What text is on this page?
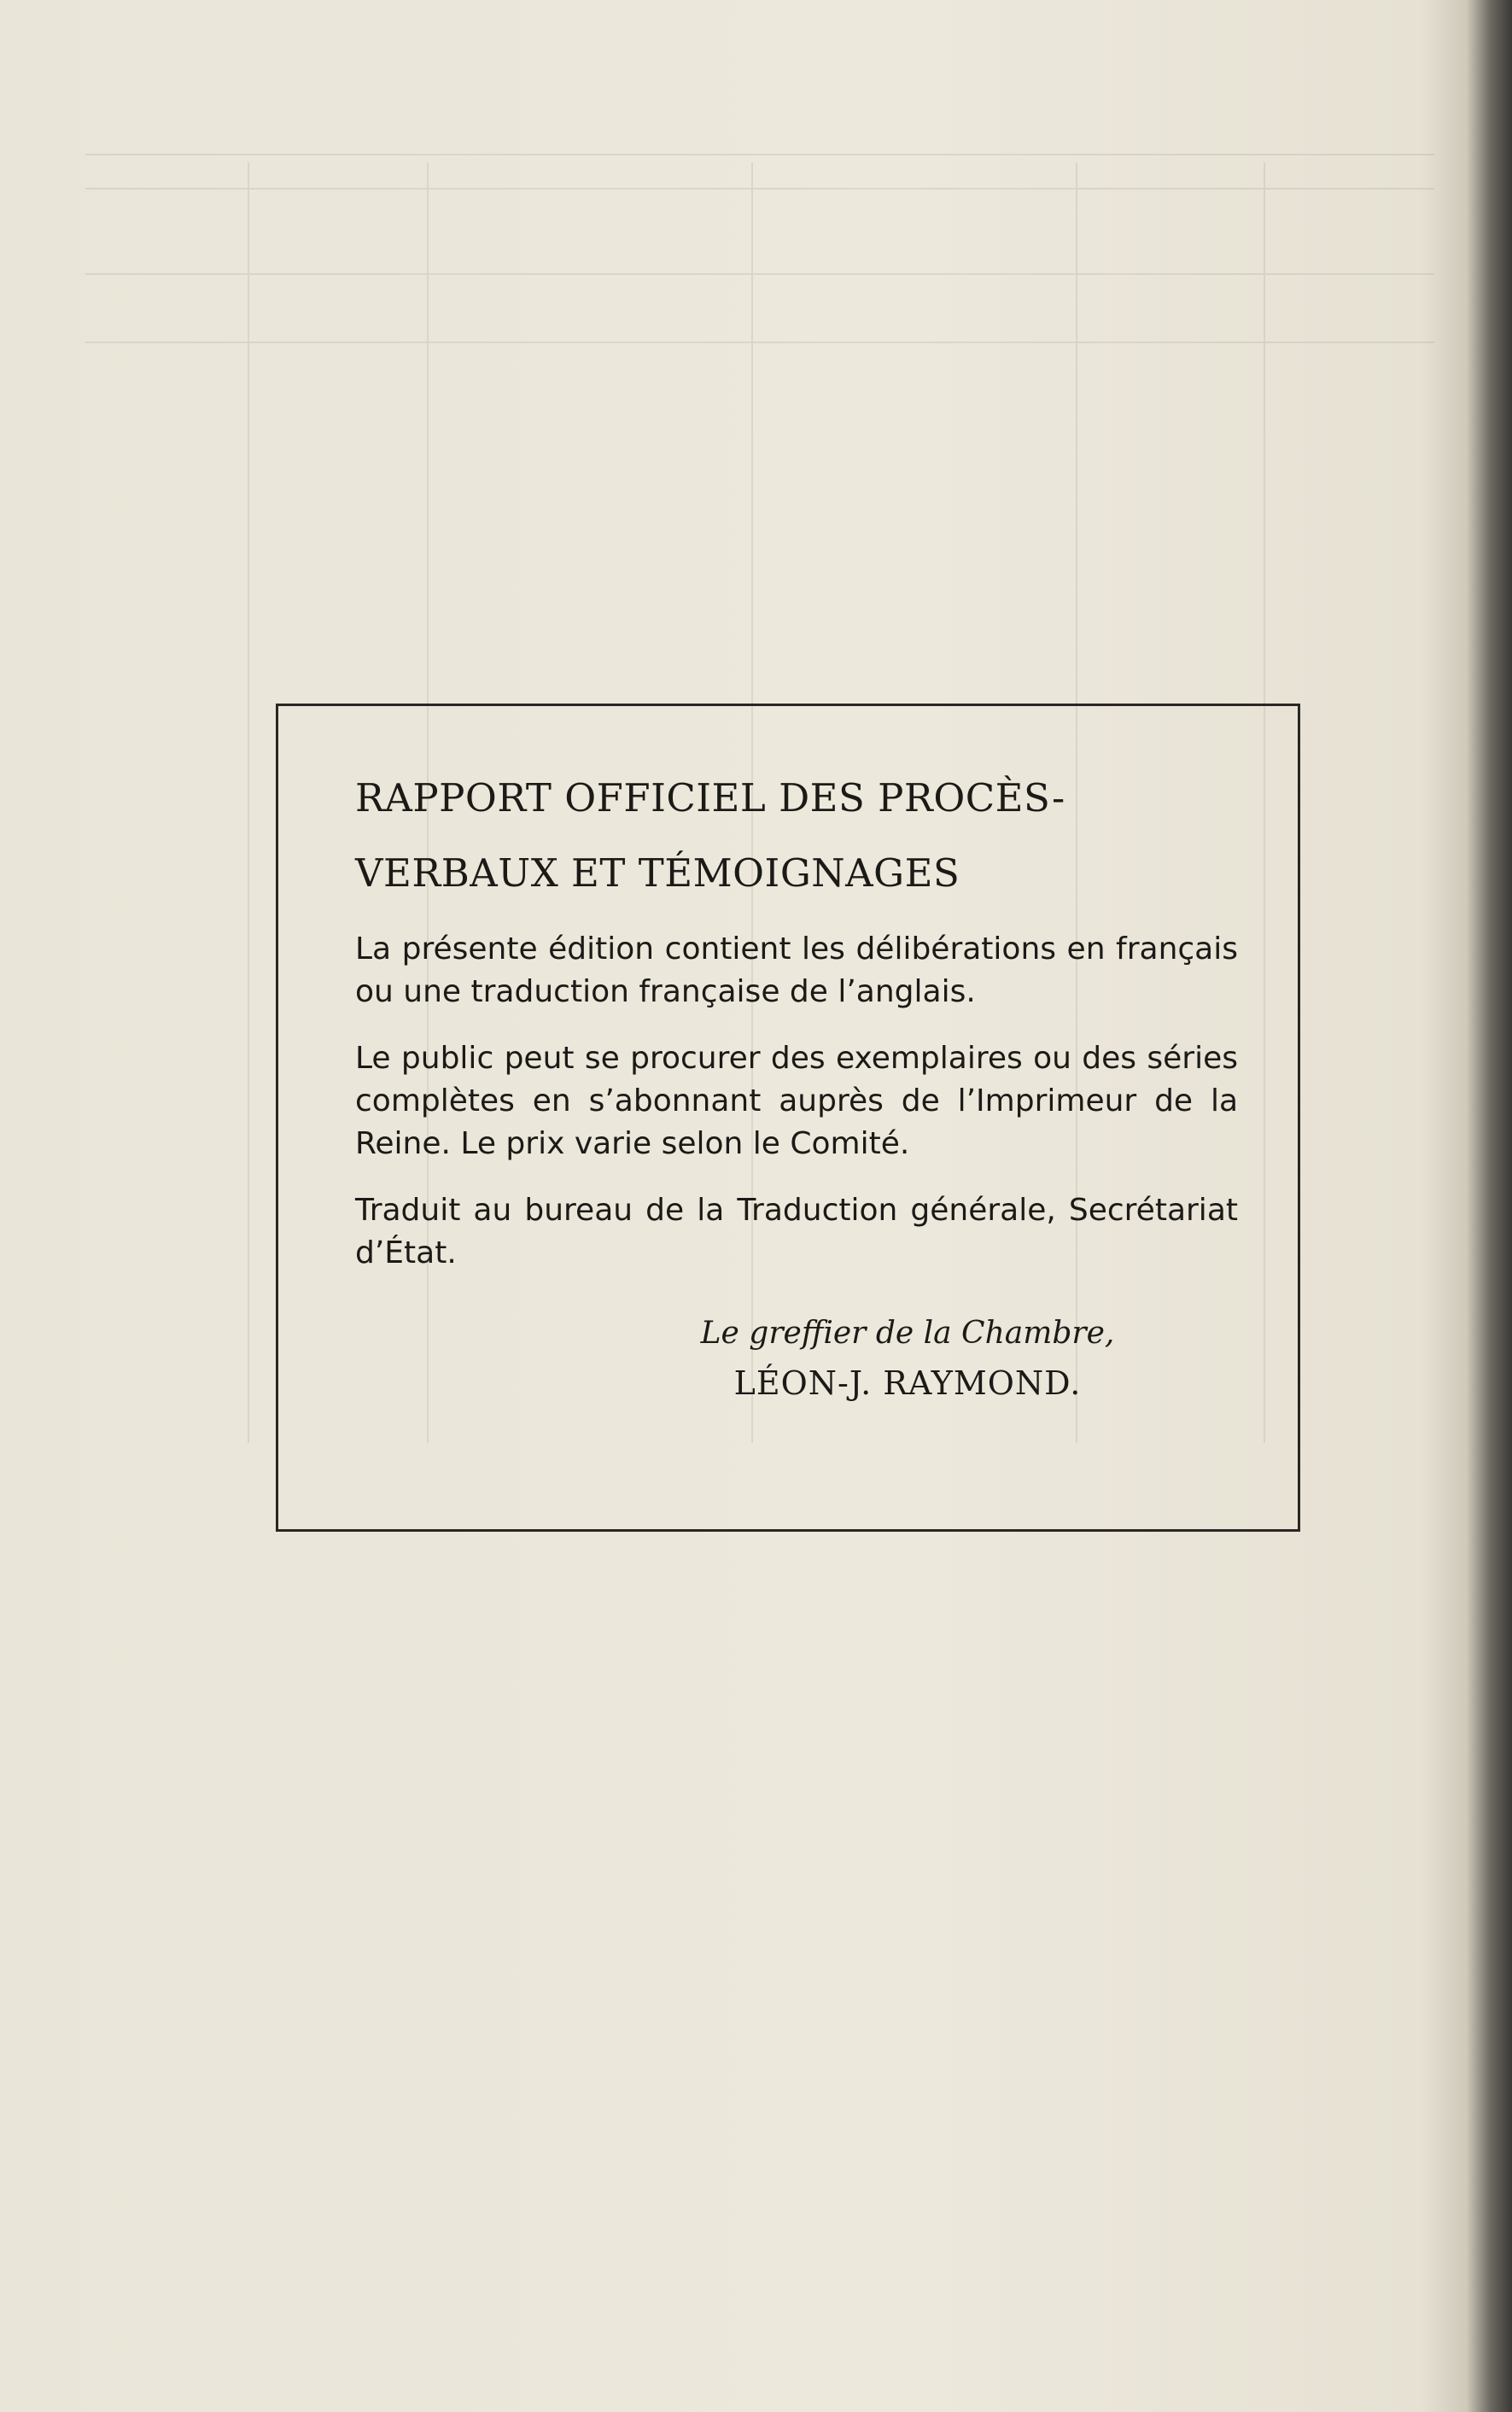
RAPPORT OFFICIEL DES PROCÈS-
VERBAUX ET TÉMOIGNAGES

La présente édition contient les délibérations en français ou une traduction française de l’anglais.

Le public peut se procurer des exemplaires ou des séries complètes en s’abonnant auprès de l’Imprimeur de la Reine. Le prix varie selon le Comité.

Traduit au bureau de la Traduction générale, Secrétariat d’État.

Le greffier de la Chambre,
LÉON-J. RAYMOND.
